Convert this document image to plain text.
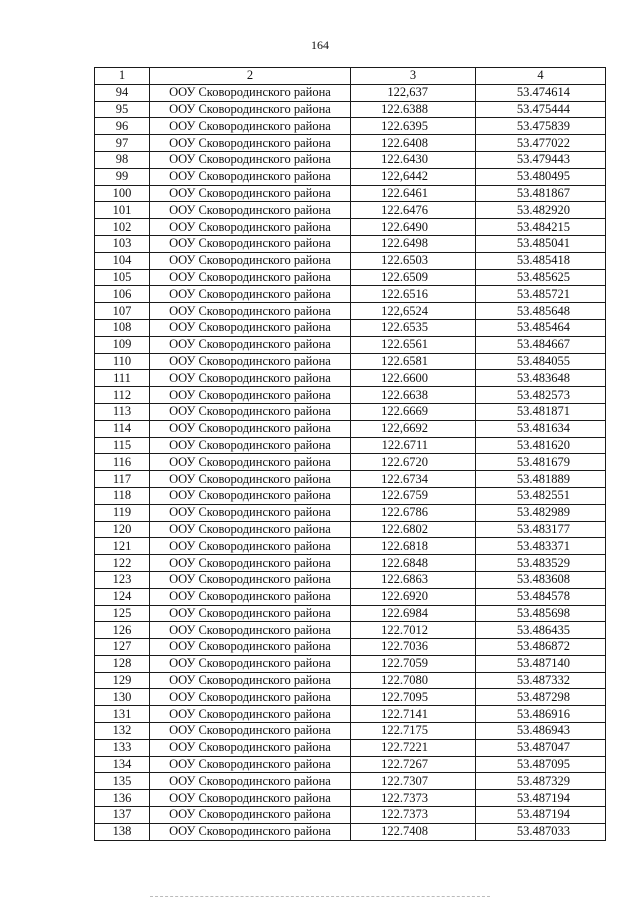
164
1	2	3	4
94	ООУ Сковородинского района	122,637	53.474614
95	ООУ Сковородинского района	122.6388	53.475444
96	ООУ Сковородинского района	122.6395	53.475839
97	ООУ Сковородинского района	122.6408	53.477022
98	ООУ Сковородинского района	122.6430	53.479443
99	ООУ Сковородинского района	122,6442	53.480495
100	ООУ Сковородинского района	122.6461	53.481867
101	ООУ Сковородинского района	122.6476	53.482920
102	ООУ Сковородинского района	122.6490	53.484215
103	ООУ Сковородинского района	122.6498	53.485041
104	ООУ Сковородинского района	122.6503	53.485418
105	ООУ Сковородинского района	122.6509	53.485625
106	ООУ Сковородинского района	122.6516	53.485721
107	ООУ Сковородинского района	122,6524	53.485648
108	ООУ Сковородинского района	122.6535	53.485464
109	ООУ Сковородинского района	122.6561	53.484667
110	ООУ Сковородинского района	122.6581	53.484055
111	ООУ Сковородинского района	122.6600	53.483648
112	ООУ Сковородинского района	122.6638	53.482573
113	ООУ Сковородинского района	122.6669	53.481871
114	ООУ Сковородинского района	122,6692	53.481634
115	ООУ Сковородинского района	122.6711	53.481620
116	ООУ Сковородинского района	122.6720	53.481679
117	ООУ Сковородинского района	122.6734	53.481889
118	ООУ Сковородинского района	122.6759	53.482551
119	ООУ Сковородинского района	122.6786	53.482989
120	ООУ Сковородинского района	122.6802	53.483177
121	ООУ Сковородинского района	122.6818	53.483371
122	ООУ Сковородинского района	122.6848	53.483529
123	ООУ Сковородинского района	122.6863	53.483608
124	ООУ Сковородинского района	122.6920	53.484578
125	ООУ Сковородинского района	122.6984	53.485698
126	ООУ Сковородинского района	122.7012	53.486435
127	ООУ Сковородинского района	122.7036	53.486872
128	ООУ Сковородинского района	122.7059	53.487140
129	ООУ Сковородинского района	122.7080	53.487332
130	ООУ Сковородинского района	122.7095	53.487298
131	ООУ Сковородинского района	122.7141	53.486916
132	ООУ Сковородинского района	122.7175	53.486943
133	ООУ Сковородинского района	122.7221	53.487047
134	ООУ Сковородинского района	122.7267	53.487095
135	ООУ Сковородинского района	122.7307	53.487329
136	ООУ Сковородинского района	122.7373	53.487194
137	ООУ Сковородинского района	122.7373	53.487194
138	ООУ Сковородинского района	122.7408	53.487033
